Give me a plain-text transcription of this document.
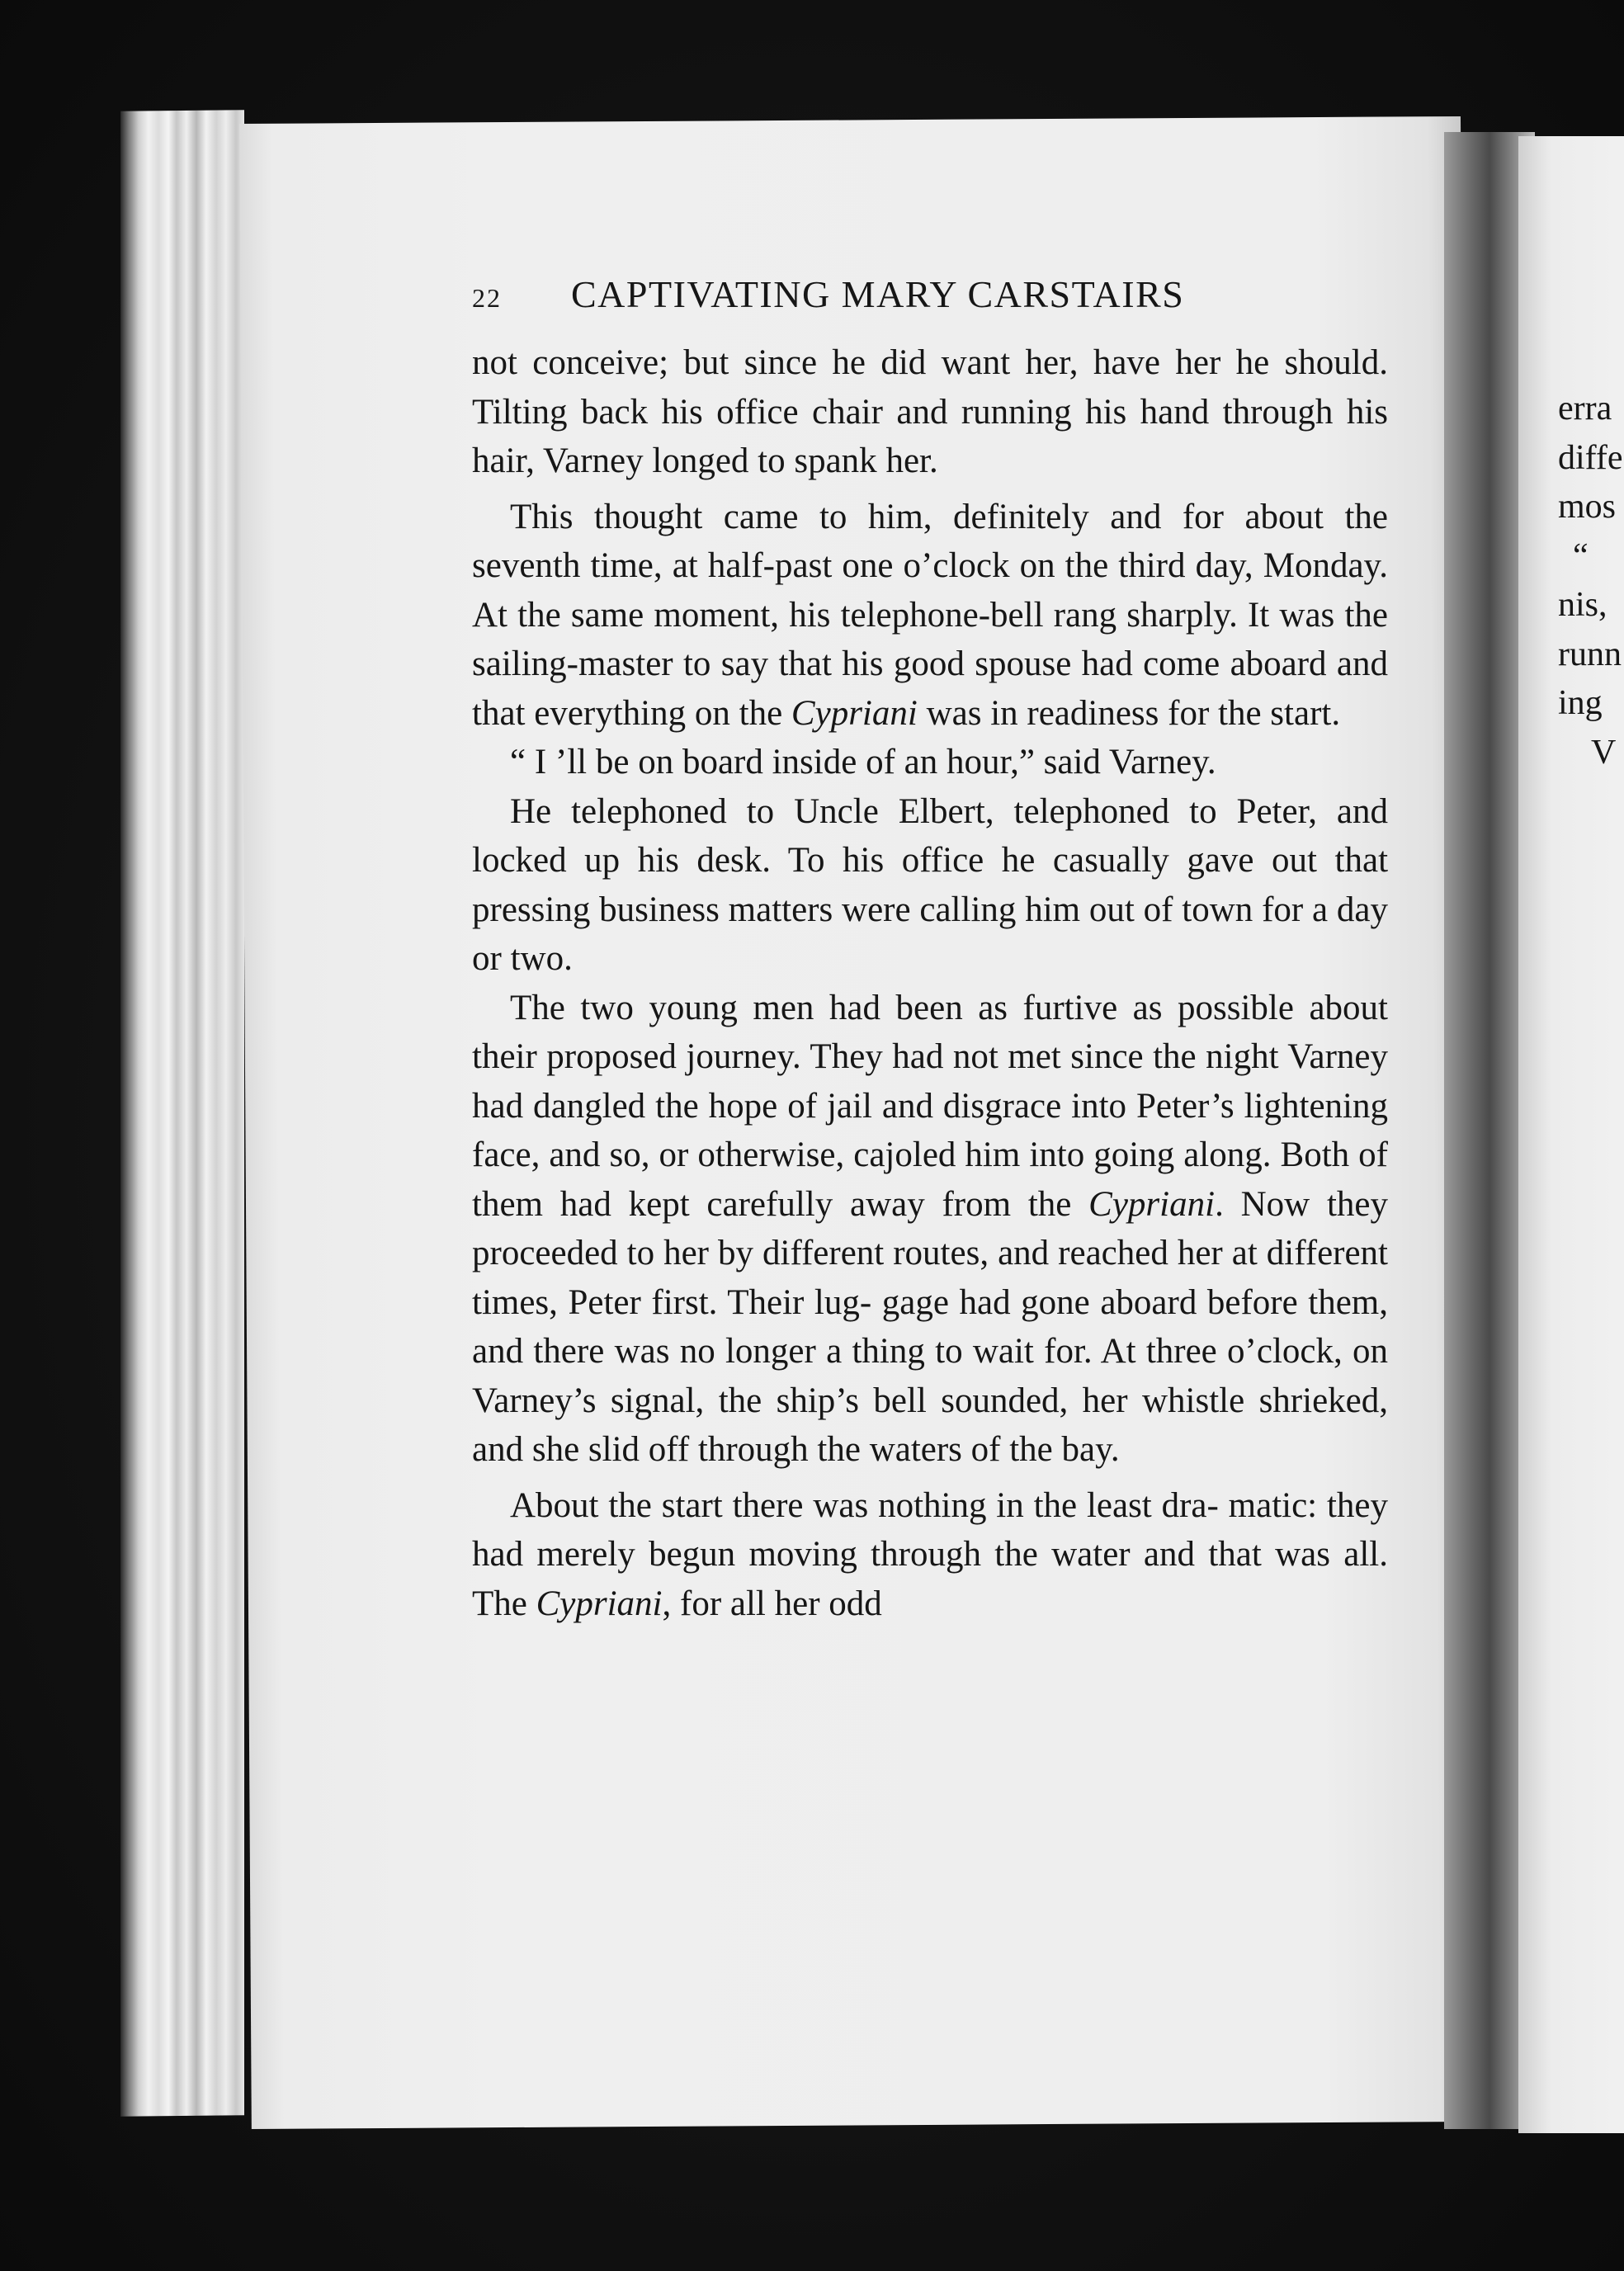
22	CAPTIVATING MARY CARSTAIRS

not conceive; but since he did want her, have her he should. Tilting back his office chair and running his hand through his hair, Varney longed to spank her.

This thought came to him, definitely and for about the seventh time, at half-past one o’clock on the third day, Monday. At the same moment, his telephone-bell rang sharply. It was the sailing-master to say that his good spouse had come aboard and that everything on the Cypriani was in readiness for the start.

“ I ’ll be on board inside of an hour,” said Varney.

He telephoned to Uncle Elbert, telephoned to Peter, and locked up his desk. To his office he casually gave out that pressing business matters were calling him out of town for a day or two.

The two young men had been as furtive as possible about their proposed journey. They had not met since the night Varney had dangled the hope of jail and disgrace into Peter’s lightening face, and so, or otherwise, cajoled him into going along. Both of them had kept carefully away from the Cypriani. Now they proceeded to her by different routes, and reached her at different times, Peter first. Their lug- gage had gone aboard before them, and there was no longer a thing to wait for. At three o’clock, on Varney’s signal, the ship’s bell sounded, her whistle shrieked, and she slid off through the waters of the bay.

About the start there was nothing in the least dra- matic: they had merely begun moving through the water and that was all. The Cypriani, for all her odd

erra
diffe
mos
“
nis,
runn
ing
V
